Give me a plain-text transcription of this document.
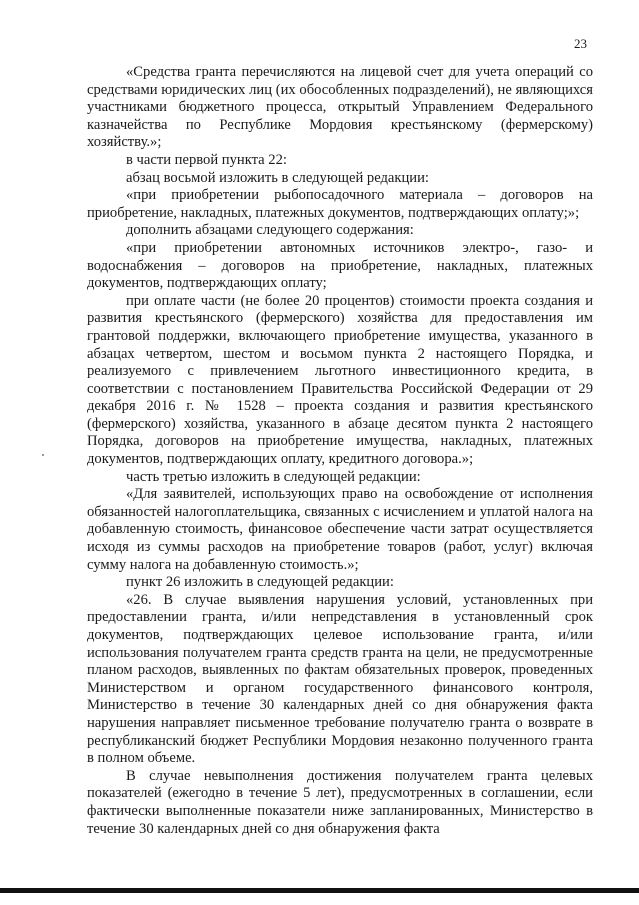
23

«Средства гранта перечисляются на лицевой счет для учета операций со средствами юридических лиц (их обособленных подразделений), не являющихся участниками бюджетного процесса, открытый Управлением Федерального казначейства по Республике Мордовия крестьянскому (фермерскому) хозяйству.»;

в части первой пункта 22:

абзац восьмой изложить в следующей редакции:

«при приобретении рыбопосадочного материала – договоров на приобретение, накладных, платежных документов, подтверждающих оплату;»;

дополнить абзацами следующего содержания:

«при приобретении автономных источников электро-, газо- и водоснабжения – договоров на приобретение, накладных, платежных документов, подтверждающих оплату;

при оплате части (не более 20 процентов) стоимости проекта создания и развития крестьянского (фермерского) хозяйства для предоставления им грантовой поддержки, включающего приобретение имущества, указанного в абзацах четвертом, шестом и восьмом пункта 2 настоящего Порядка, и реализуемого с привлечением льготного инвестиционного кредита, в соответствии с постановлением Правительства Российской Федерации от 29 декабря 2016 г. № 1528 – проекта создания и развития крестьянского (фермерского) хозяйства, указанного в абзаце десятом пункта 2 настоящего Порядка, договоров на приобретение имущества, накладных, платежных документов, подтверждающих оплату, кредитного договора.»;

часть третью изложить в следующей редакции:

«Для заявителей, использующих право на освобождение от исполнения обязанностей налогоплательщика, связанных с исчислением и уплатой налога на добавленную стоимость, финансовое обеспечение части затрат осуществляется исходя из суммы расходов на приобретение товаров (работ, услуг) включая сумму налога на добавленную стоимость.»;

пункт 26 изложить в следующей редакции:

«26. В случае выявления нарушения условий, установленных при предоставлении гранта, и/или непредставления в установленный срок документов, подтверждающих целевое использование гранта, и/или использования получателем гранта средств гранта на цели, не предусмотренные планом расходов, выявленных по фактам обязательных проверок, проведенных Министерством и органом государственного финансового контроля, Министерство в течение 30 календарных дней со дня обнаружения факта нарушения направляет письменное требование получателю гранта о возврате в республиканский бюджет Республики Мордовия незаконно полученного гранта в полном объеме.

В случае невыполнения достижения получателем гранта целевых показателей (ежегодно в течение 5 лет), предусмотренных в соглашении, если фактически выполненные показатели ниже запланированных, Министерство в течение 30 календарных дней со дня обнаружения факта
